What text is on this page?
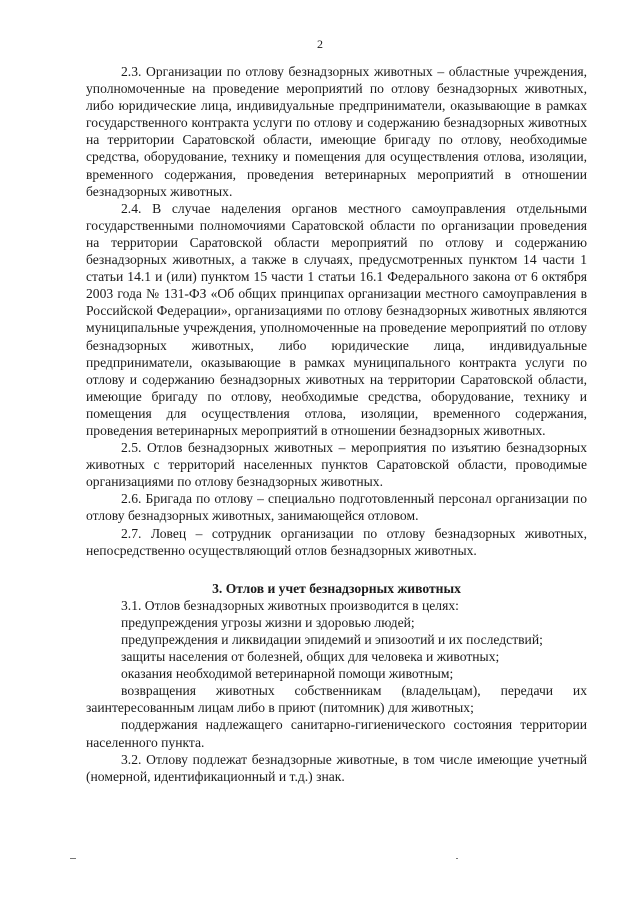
2

2.3. Организации по отлову безнадзорных животных – областные учреждения, уполномоченные на проведение мероприятий по отлову безнадзорных животных, либо юридические лица, индивидуальные предприниматели, оказывающие в рамках государственного контракта услуги по отлову и содержанию безнадзорных животных на территории Саратовской области, имеющие бригаду по отлову, необходимые средства, оборудование, технику и помещения для осуществления отлова, изоляции, временного содержания, проведения ветеринарных мероприятий в отношении безнадзорных животных.

2.4. В случае наделения органов местного самоуправления отдельными государственными полномочиями Саратовской области по организации проведения на территории Саратовской области мероприятий по отлову и содержанию безнадзорных животных, а также в случаях, предусмотренных пунктом 14 части 1 статьи 14.1 и (или) пунктом 15 части 1 статьи 16.1 Федерального закона от 6 октября 2003 года № 131-ФЗ «Об общих принципах организации местного самоуправления в Российской Федерации», организациями по отлову безнадзорных животных являются муниципальные учреждения, уполномоченные на проведение мероприятий по отлову безнадзорных животных, либо юридические лица, индивидуальные предприниматели, оказывающие в рамках муниципального контракта услуги по отлову и содержанию безнадзорных животных на территории Саратовской области, имеющие бригаду по отлову, необходимые средства, оборудование, технику и помещения для осуществления отлова, изоляции, временного содержания, проведения ветеринарных мероприятий в отношении безнадзорных животных.

2.5. Отлов безнадзорных животных – мероприятия по изъятию безнадзорных животных с территорий населенных пунктов Саратовской области, проводимые организациями по отлову безнадзорных животных.

2.6. Бригада по отлову – специально подготовленный персонал организации по отлову безнадзорных животных, занимающейся отловом.

2.7. Ловец – сотрудник организации по отлову безнадзорных животных, непосредственно осуществляющий отлов безнадзорных животных.

3. Отлов и учет безнадзорных животных

3.1. Отлов безнадзорных животных производится в целях:

предупреждения угрозы жизни и здоровью людей;

предупреждения и ликвидации эпидемий и эпизоотий и их последствий;

защиты населения от болезней, общих для человека и животных;

оказания необходимой ветеринарной помощи животным;

возвращения животных собственникам (владельцам), передачи их заинтересованным лицам либо в приют (питомник) для животных;

поддержания надлежащего санитарно-гигиенического состояния территории населенного пункта.

3.2. Отлову подлежат безнадзорные животные, в том числе имеющие учетный (номерной, идентификационный и т.д.) знак.
